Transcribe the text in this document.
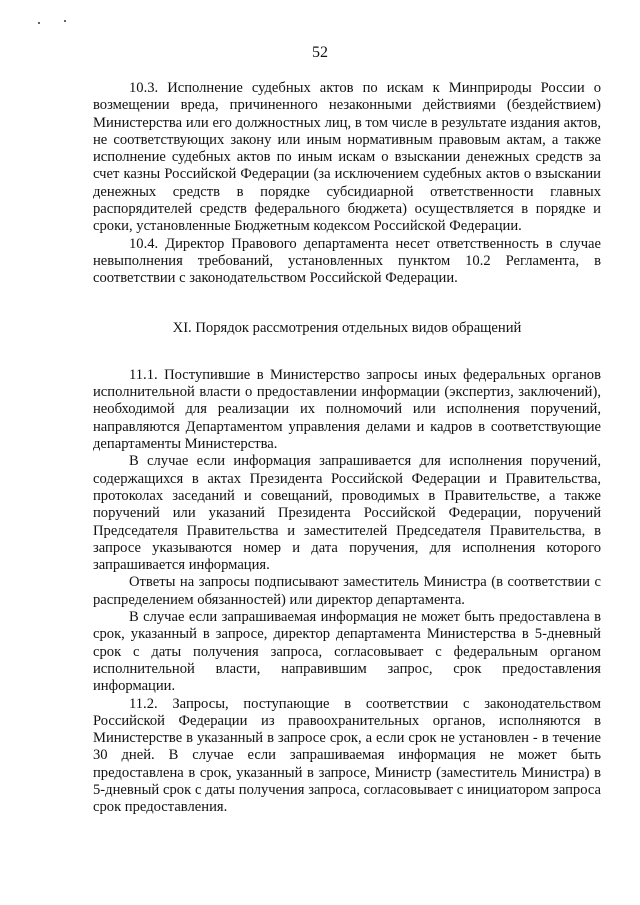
52

10.3. Исполнение судебных актов по искам к Минприроды России о возмещении вреда, причиненного незаконными действиями (бездействием) Министерства или его должностных лиц, в том числе в результате издания актов, не соответствующих закону или иным нормативным правовым актам, а также исполнение судебных актов по иным искам о взыскании денежных средств за счет казны Российской Федерации (за исключением судебных актов о взыскании денежных средств в порядке субсидиарной ответственности главных распорядителей средств федерального бюджета) осуществляется в порядке и сроки, установленные Бюджетным кодексом Российской Федерации.

10.4. Директор Правового департамента несет ответственность в случае невыполнения требований, установленных пунктом 10.2 Регламента, в соответствии с законодательством Российской Федерации.

XI. Порядок рассмотрения отдельных видов обращений

11.1. Поступившие в Министерство запросы иных федеральных органов исполнительной власти о предоставлении информации (экспертиз, заключений), необходимой для реализации их полномочий или исполнения поручений, направляются Департаментом управления делами и кадров в соответствующие департаменты Министерства.

В случае если информация запрашивается для исполнения поручений, содержащихся в актах Президента Российской Федерации и Правительства, протоколах заседаний и совещаний, проводимых в Правительстве, а также поручений или указаний Президента Российской Федерации, поручений Председателя Правительства и заместителей Председателя Правительства, в запросе указываются номер и дата поручения, для исполнения которого запрашивается информация.

Ответы на запросы подписывают заместитель Министра (в соответствии с распределением обязанностей) или директор департамента.

В случае если запрашиваемая информация не может быть предоставлена в срок, указанный в запросе, директор департамента Министерства в 5-дневный срок с даты получения запроса, согласовывает с федеральным органом исполнительной власти, направившим запрос, срок предоставления информации.

11.2. Запросы, поступающие в соответствии с законодательством Российской Федерации из правоохранительных органов, исполняются в Министерстве в указанный в запросе срок, а если срок не установлен - в течение 30 дней. В случае если запрашиваемая информация не может быть предоставлена в срок, указанный в запросе, Министр (заместитель Министра) в 5-дневный срок с даты получения запроса, согласовывает с инициатором запроса срок предоставления.
